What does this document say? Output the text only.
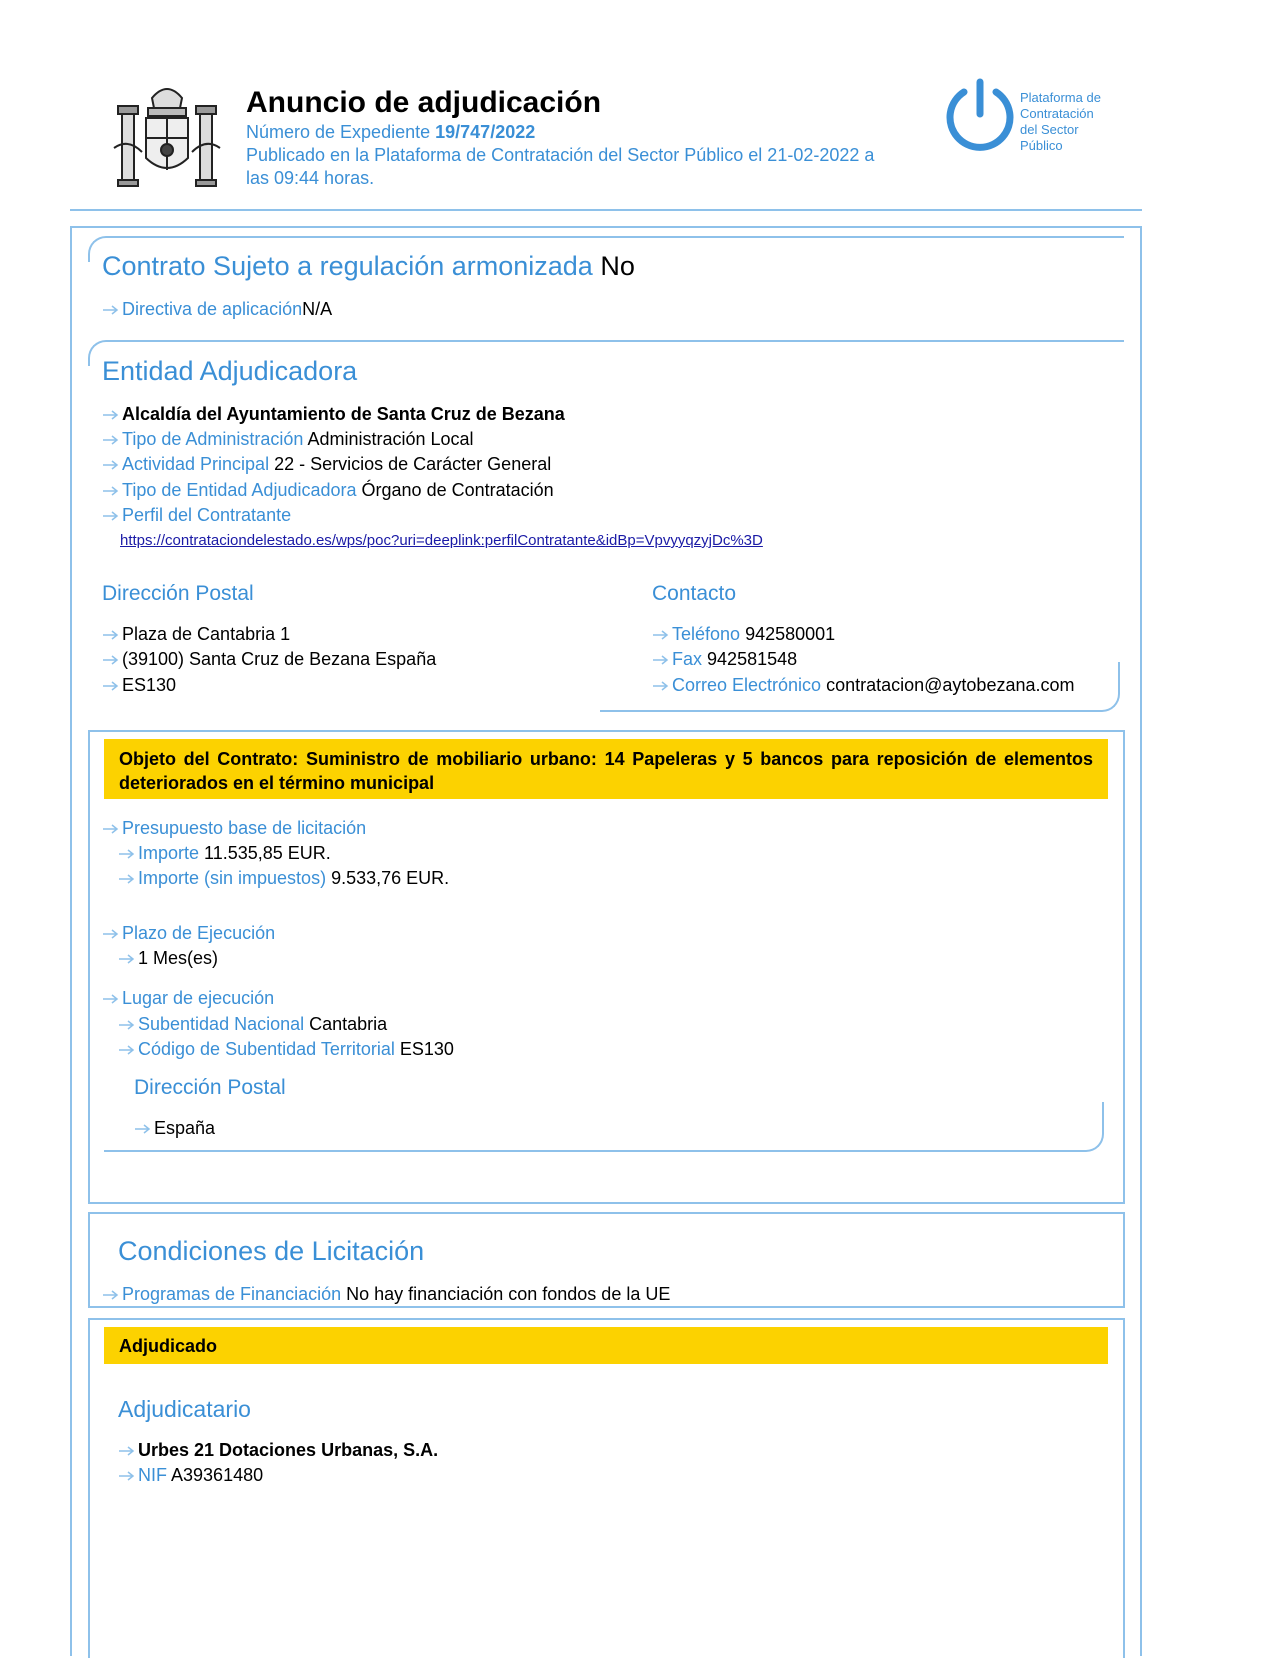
Anuncio de adjudicación
Número de Expediente 19/747/2022
Publicado en la Plataforma de Contratación del Sector Público el 21-02-2022 a
las 09:44 horas.
Plataforma de
Contratación
del Sector
Público
Contrato Sujeto a regulación armonizada No
Directiva de aplicaciónN/A
Entidad Adjudicadora
Alcaldía del Ayuntamiento de Santa Cruz de Bezana
Tipo de Administración Administración Local
Actividad Principal 22 - Servicios de Carácter General
Tipo de Entidad Adjudicadora Órgano de Contratación
Perfil del Contratante
https://contrataciondelestado.es/wps/poc?uri=deeplink:perfilContratante&idBp=VpvyyqzyjDc%3D
Dirección Postal
Plaza de Cantabria 1
(39100) Santa Cruz de Bezana España
ES130
Contacto
Teléfono 942580001
Fax 942581548
Correo Electrónico contratacion@aytobezana.com
Objeto del Contrato: Suministro de mobiliario urbano: 14 Papeleras y 5 bancos para reposición de elementos deteriorados en el término municipal
Presupuesto base de licitación
Importe 11.535,85 EUR.
Importe (sin impuestos) 9.533,76 EUR.
Plazo de Ejecución
1 Mes(es)
Lugar de ejecución
Subentidad Nacional Cantabria
Código de Subentidad Territorial ES130
Dirección Postal
España
Condiciones de Licitación
Programas de Financiación No hay financiación con fondos de la UE
Adjudicado
Adjudicatario
Urbes 21 Dotaciones Urbanas, S.A.
NIF A39361480
